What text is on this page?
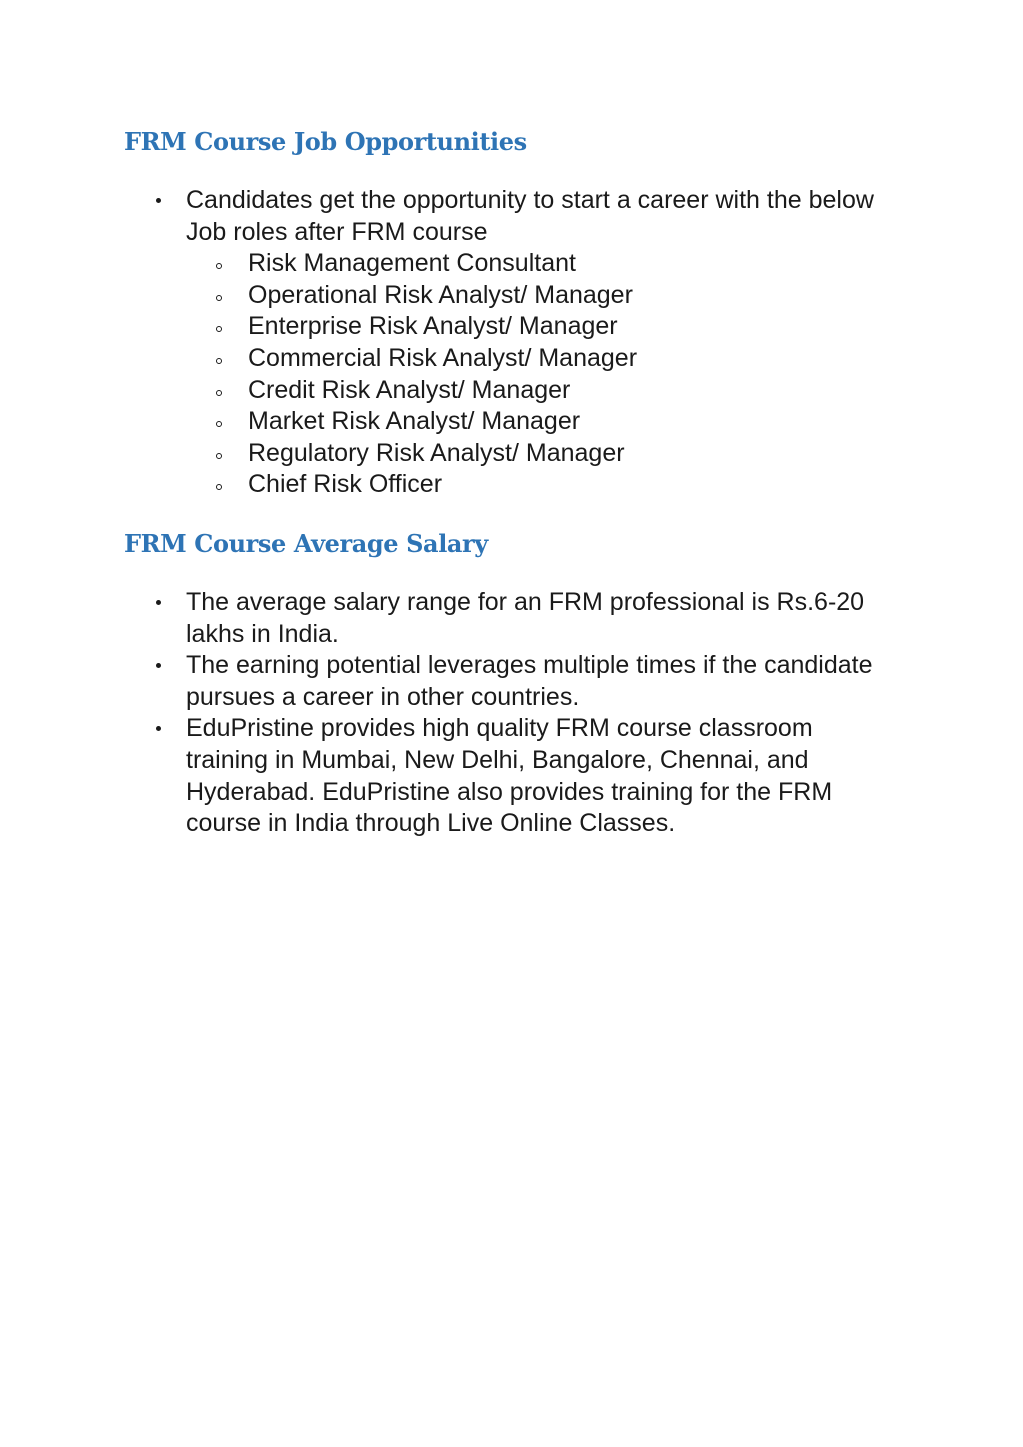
FRM Course Job Opportunities
Candidates get the opportunity to start a career with the below Job roles after FRM course
Risk Management Consultant
Operational Risk Analyst/ Manager
Enterprise Risk Analyst/ Manager
Commercial Risk Analyst/ Manager
Credit Risk Analyst/ Manager
Market Risk Analyst/ Manager
Regulatory Risk Analyst/ Manager
Chief Risk Officer
FRM Course Average Salary
The average salary range for an FRM professional is Rs.6-20 lakhs in India.
The earning potential leverages multiple times if the candidate pursues a career in other countries.
EduPristine provides high quality FRM course classroom training in Mumbai, New Delhi, Bangalore, Chennai, and Hyderabad. EduPristine also provides training for the FRM course in India through Live Online Classes.
